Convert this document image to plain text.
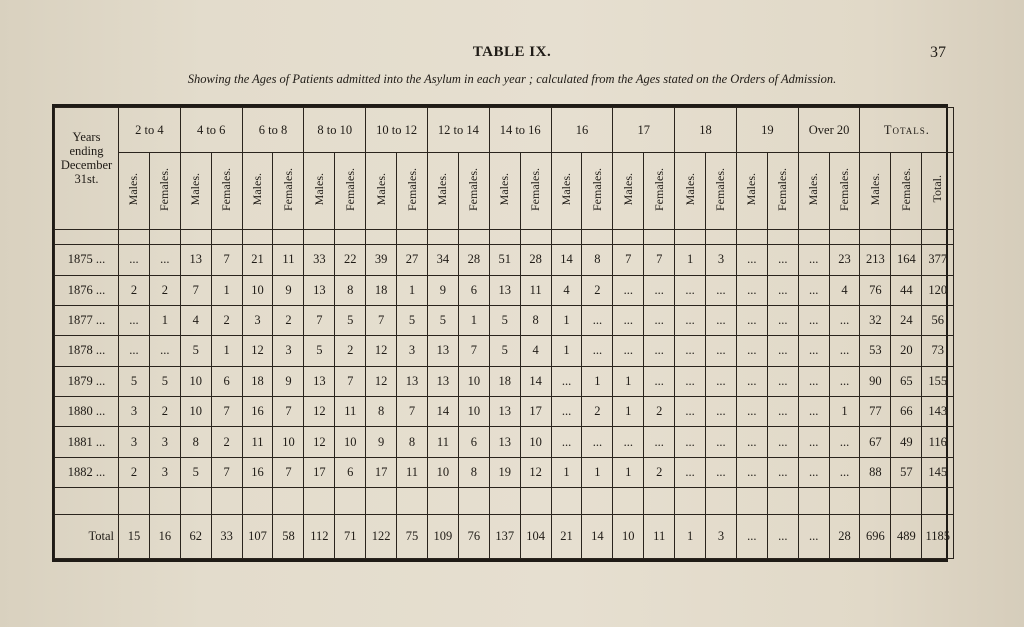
TABLE IX.	37
Showing the Ages of Patients admitted into the Asylum in each year ; calculated from the Ages stated on the Orders of Admission.
Years ending December 31st.	2 to 4		4 to 6		6 to 8		8 to 10		10 to 12		12 to 14		14 to 16		16		17		18		19		Over 20		Totals.		
	Males.	Females.	Males.	Females.	Males.	Females.	Males.	Females.	Males.	Females.	Males.	Females.	Males.	Females.	Males.	Females.	Males.	Females.	Males.	Females.	Males.	Females.	Males.	Females.	Males.	Females.	Total.

1875 ...	...	...	13	7	21	11	33	22	39	27	34	28	51	28	14	8	7	7	1	3	...	...	...	23	213	164	377
1876 ...	2	2	7	1	10	9	13	8	18	1	9	6	13	11	4	2	...	...	...	...	...	...	...	4	76	44	120
1877 ...	...	1	4	2	3	2	7	5	7	5	5	1	5	8	1	...	...	...	...	...	...	...	...	...	32	24	56
1878 ...	...	...	5	1	12	3	5	2	12	3	13	7	5	4	1	...	...	...	...	...	...	...	...	...	53	20	73
1879 ...	5	5	10	6	18	9	13	7	12	13	13	10	18	14	...	1	1	...	...	...	...	...	...	...	90	65	155
1880 ...	3	2	10	7	16	7	12	11	8	7	14	10	13	17	...	2	1	2	...	...	...	...	...	1	77	66	143
1881 ...	3	3	8	2	11	10	12	10	9	8	11	6	13	10	...	...	...	...	...	...	...	...	...	...	67	49	116
1882 ...	2	3	5	7	16	7	17	6	17	11	10	8	19	12	1	1	1	2	...	...	...	...	...	...	88	57	145

Total	15	16	62	33	107	58	112	71	122	75	109	76	137	104	21	14	10	11	1	3	...	...	...	28	696	489	1185
